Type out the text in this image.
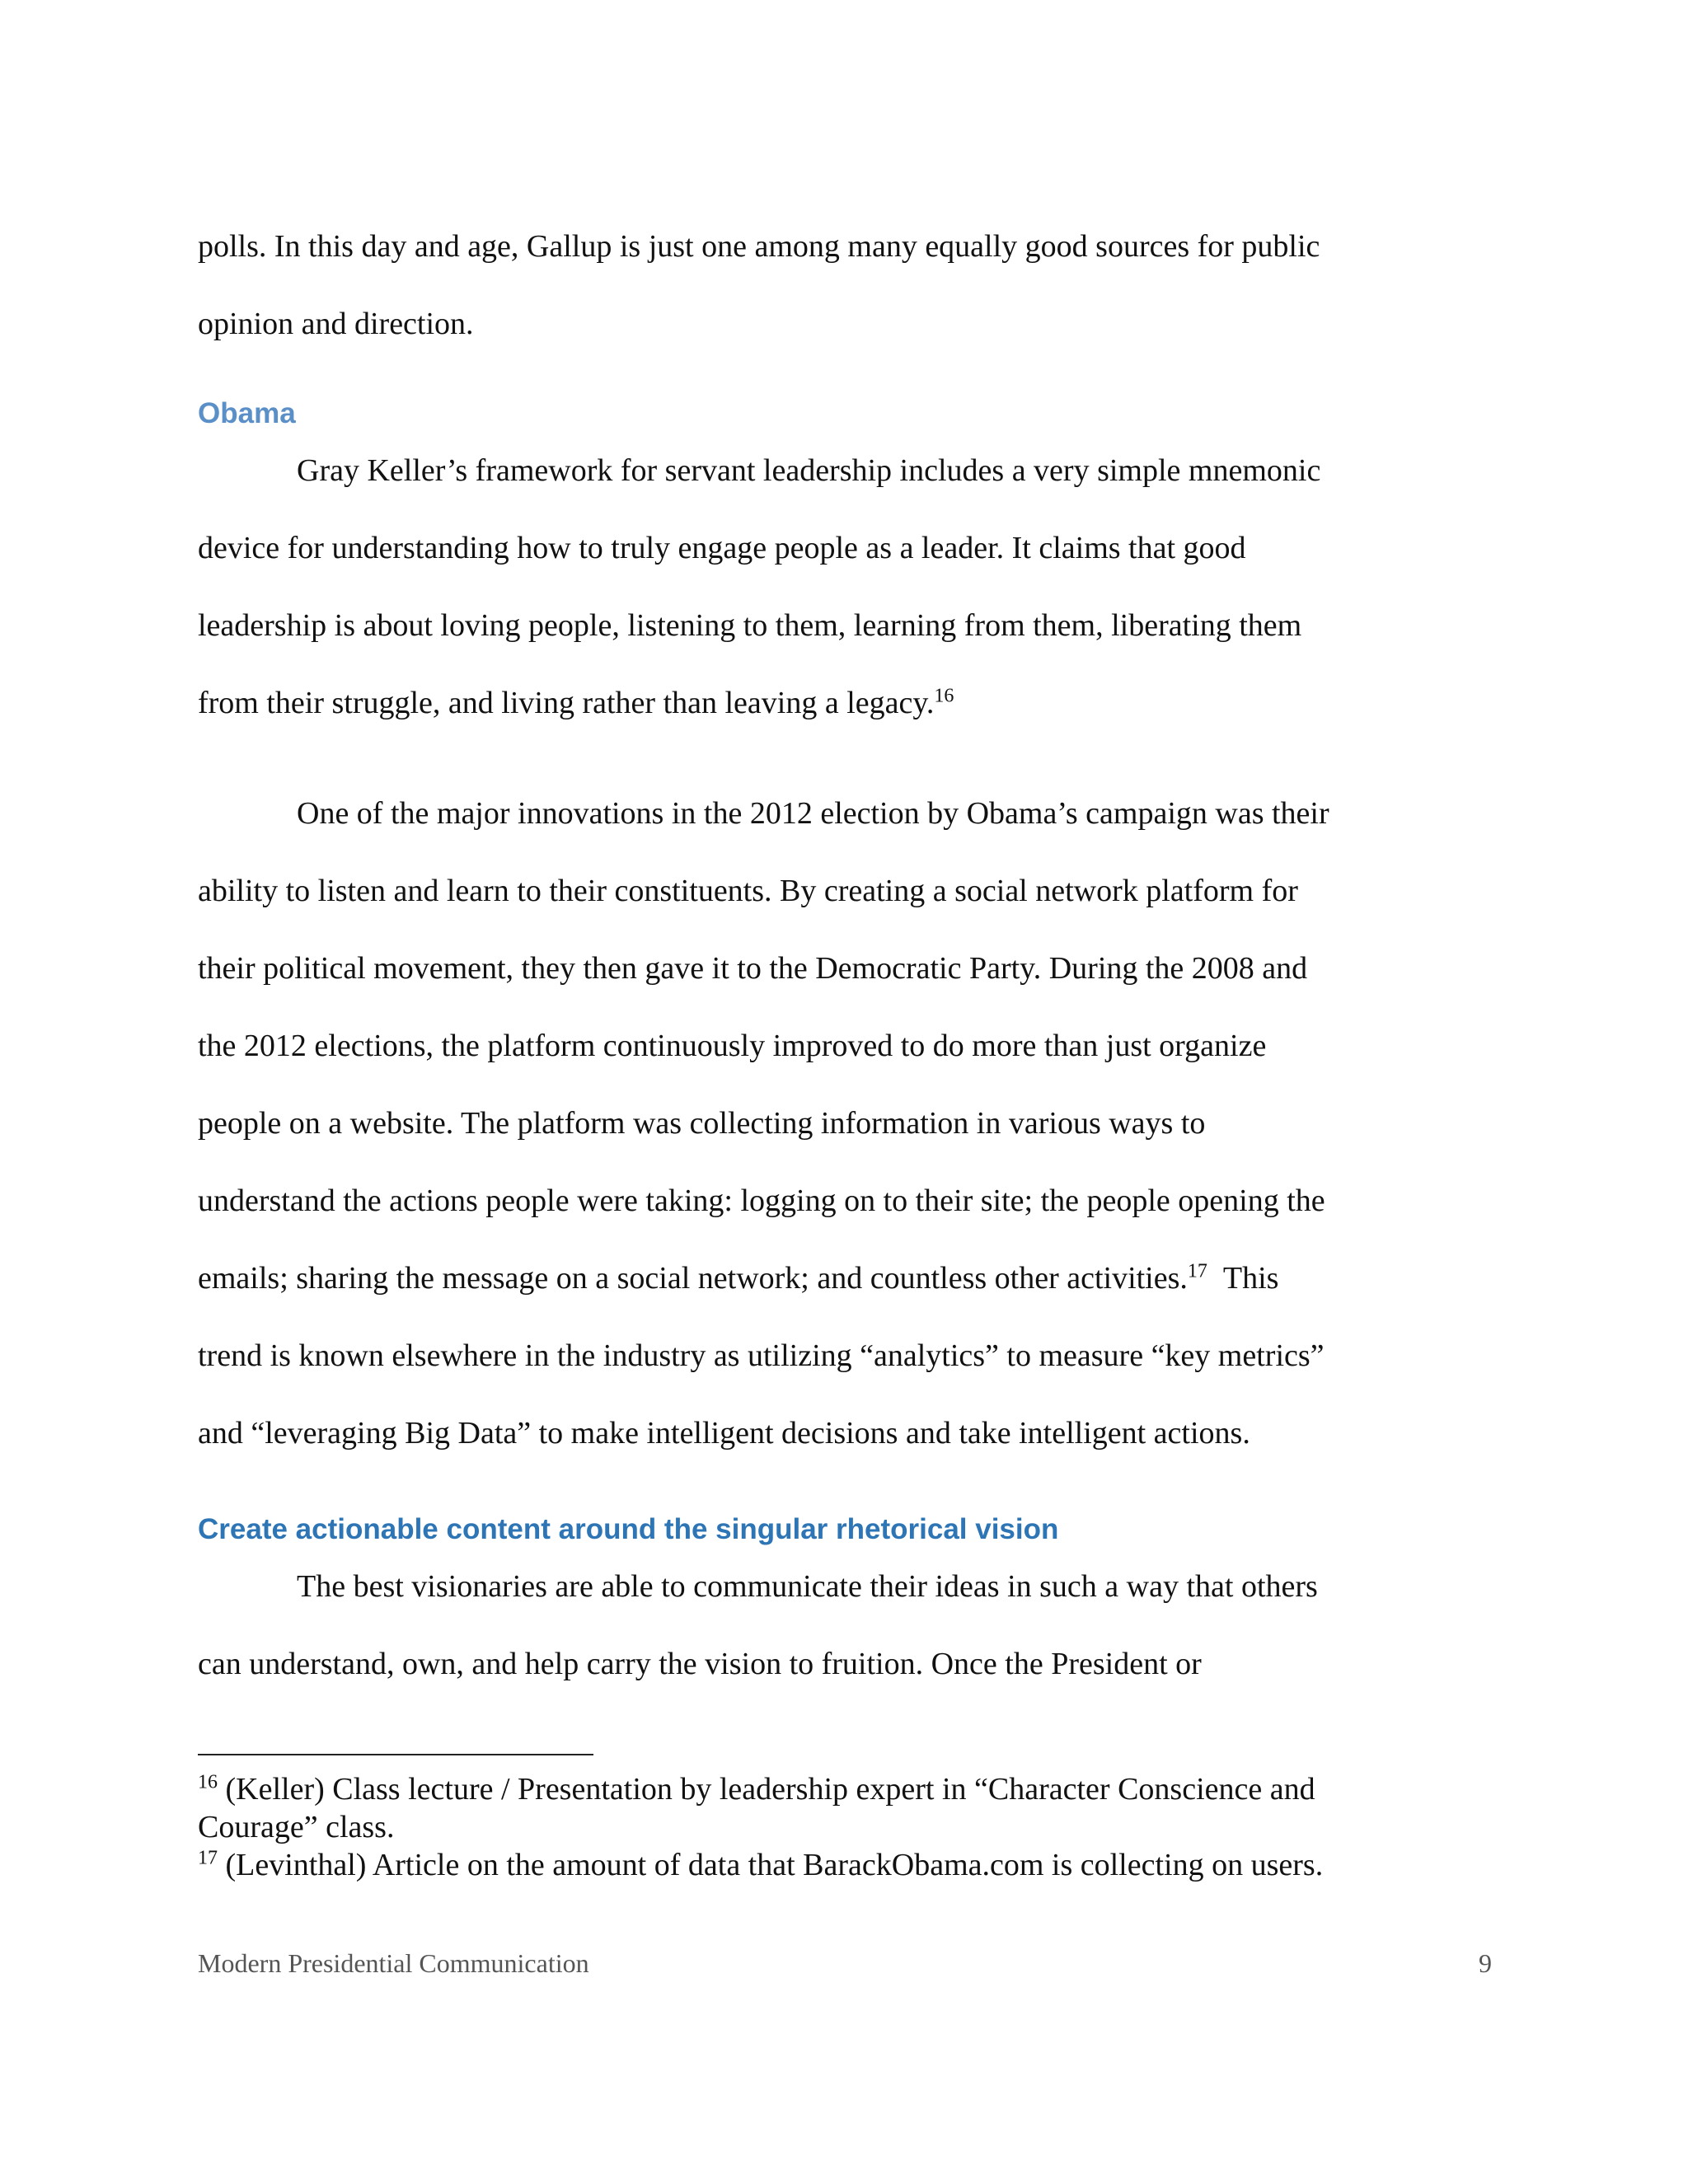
polls. In this day and age, Gallup is just one among many equally good sources for public
opinion and direction.

Obama

Gray Keller’s framework for servant leadership includes a very simple mnemonic
device for understanding how to truly engage people as a leader. It claims that good
leadership is about loving people, listening to them, learning from them, liberating them
from their struggle, and living rather than leaving a legacy.$^{16}$

One of the major innovations in the 2012 election by Obama’s campaign was their
ability to listen and learn to their constituents. By creating a social network platform for
their political movement, they then gave it to the Democratic Party. During the 2008 and
the 2012 elections, the platform continuously improved to do more than just organize
people on a website. The platform was collecting information in various ways to
understand the actions people were taking: logging on to their site; the people opening the
emails; sharing the message on a social network; and countless other activities.$^{17}$ This
trend is known elsewhere in the industry as utilizing “analytics” to measure “key metrics”
and “leveraging Big Data” to make intelligent decisions and take intelligent actions.

Create actionable content around the singular rhetorical vision

The best visionaries are able to communicate their ideas in such a way that others
can understand, own, and help carry the vision to fruition. Once the President or

$^{16}$ (Keller) Class lecture / Presentation by leadership expert in “Character Conscience and

Courage” class.

$^{17}$ (Levinthal) Article on the amount of data that BarackObama.com is collecting on users.

Modern Presidential Communication	9
